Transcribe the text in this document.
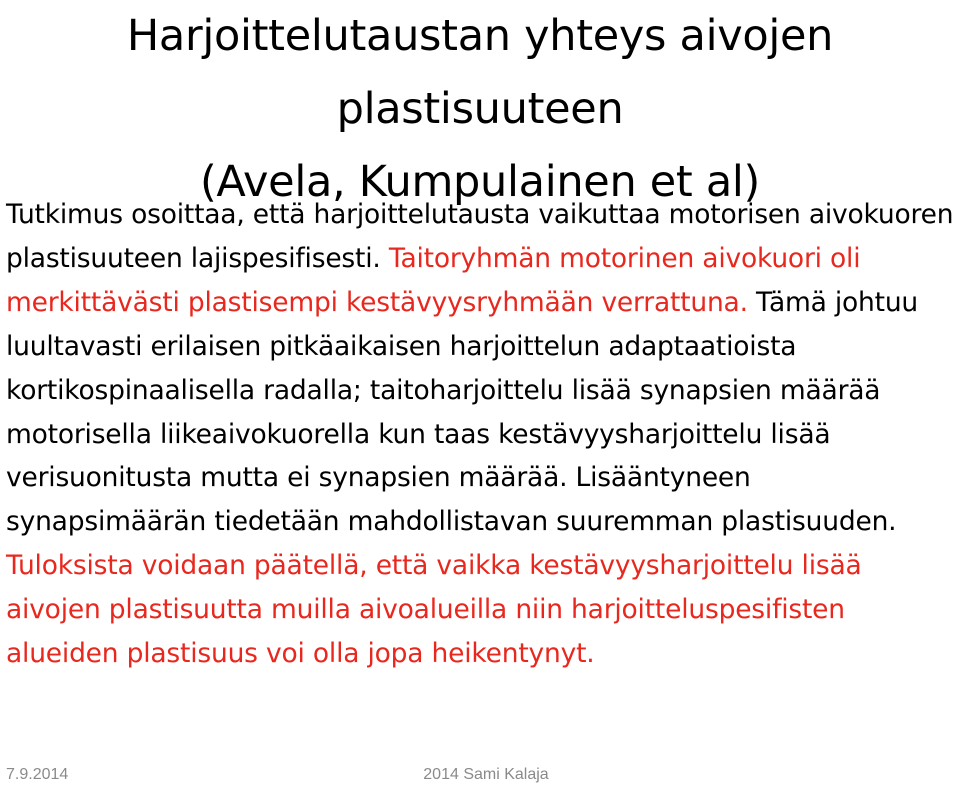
Harjoittelutaustan yhteys aivojen
plastisuuteen
(Avela, Kumpulainen et al)

Tutkimus osoittaa, että harjoittelutausta vaikuttaa motorisen aivokuoren plastisuuteen lajispesifisesti. Taitoryhmän motorinen aivokuori oli merkittävästi plastisempi kestävyysryhmään verrattuna. Tämä johtuu luultavasti erilaisen pitkäaikaisen harjoittelun adaptaatioista kortikospinaalisella radalla; taitoharjoittelu lisää synapsien määrää motorisella liikeaivokuorella kun taas kestävyysharjoittelu lisää verisuonitusta mutta ei synapsien määrää. Lisääntyneen synapsimäärän tiedetään mahdollistavan suuremman plastisuuden. Tuloksista voidaan päätellä, että vaikka kestävyysharjoittelu lisää aivojen plastisuutta muilla aivoalueilla niin harjoitteluspesifisten alueiden plastisuus voi olla jopa heikentynyt.

7.9.2014	2014 Sami Kalaja
